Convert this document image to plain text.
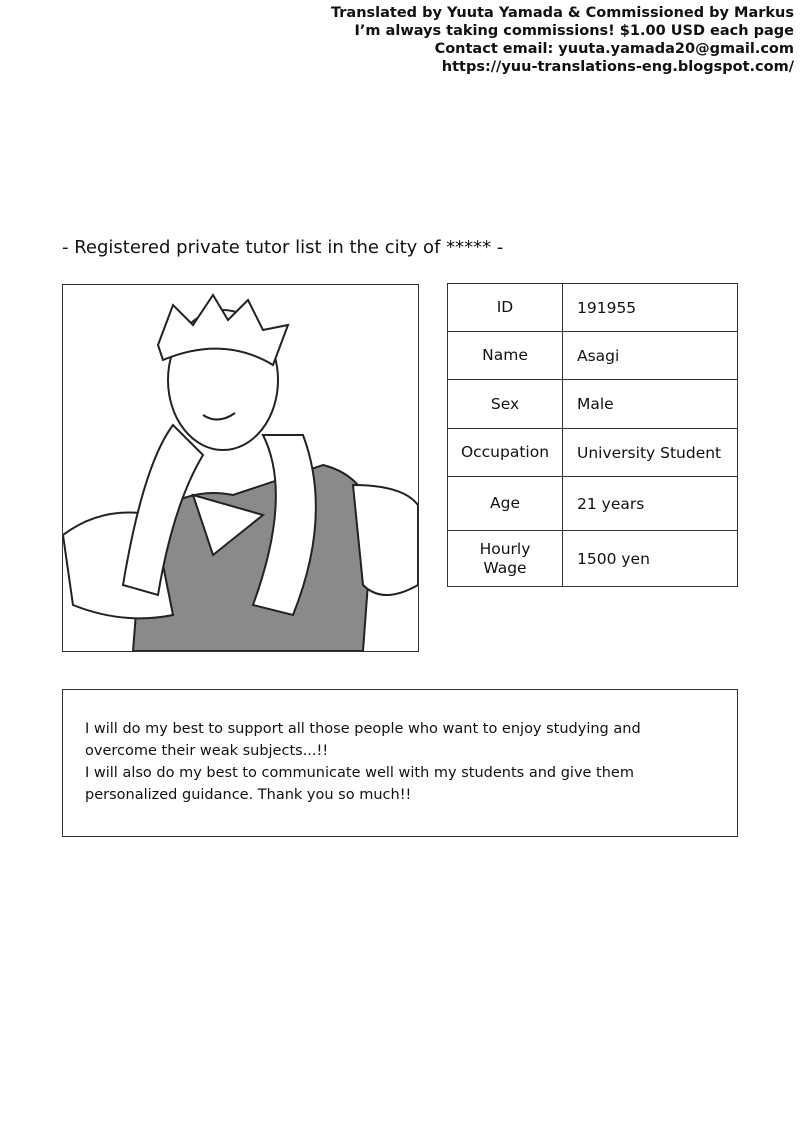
Translated by Yuuta Yamada & Commissioned by Markus
I’m always taking commissions! $1.00 USD each page
Contact email: yuuta.yamada20@gmail.com
https://yuu-translations-eng.blogspot.com/
- Registered private tutor list in the city of ***** -
ID	191955
Name	Asagi
Sex	Male
Occupation	University Student
Age	21 years
Hourly Wage	1500 yen

I will do my best to support all those people who want to enjoy studying and
overcome their weak subjects...!!
I will also do my best to communicate well with my students and give them
personalized guidance. Thank you so much!!
